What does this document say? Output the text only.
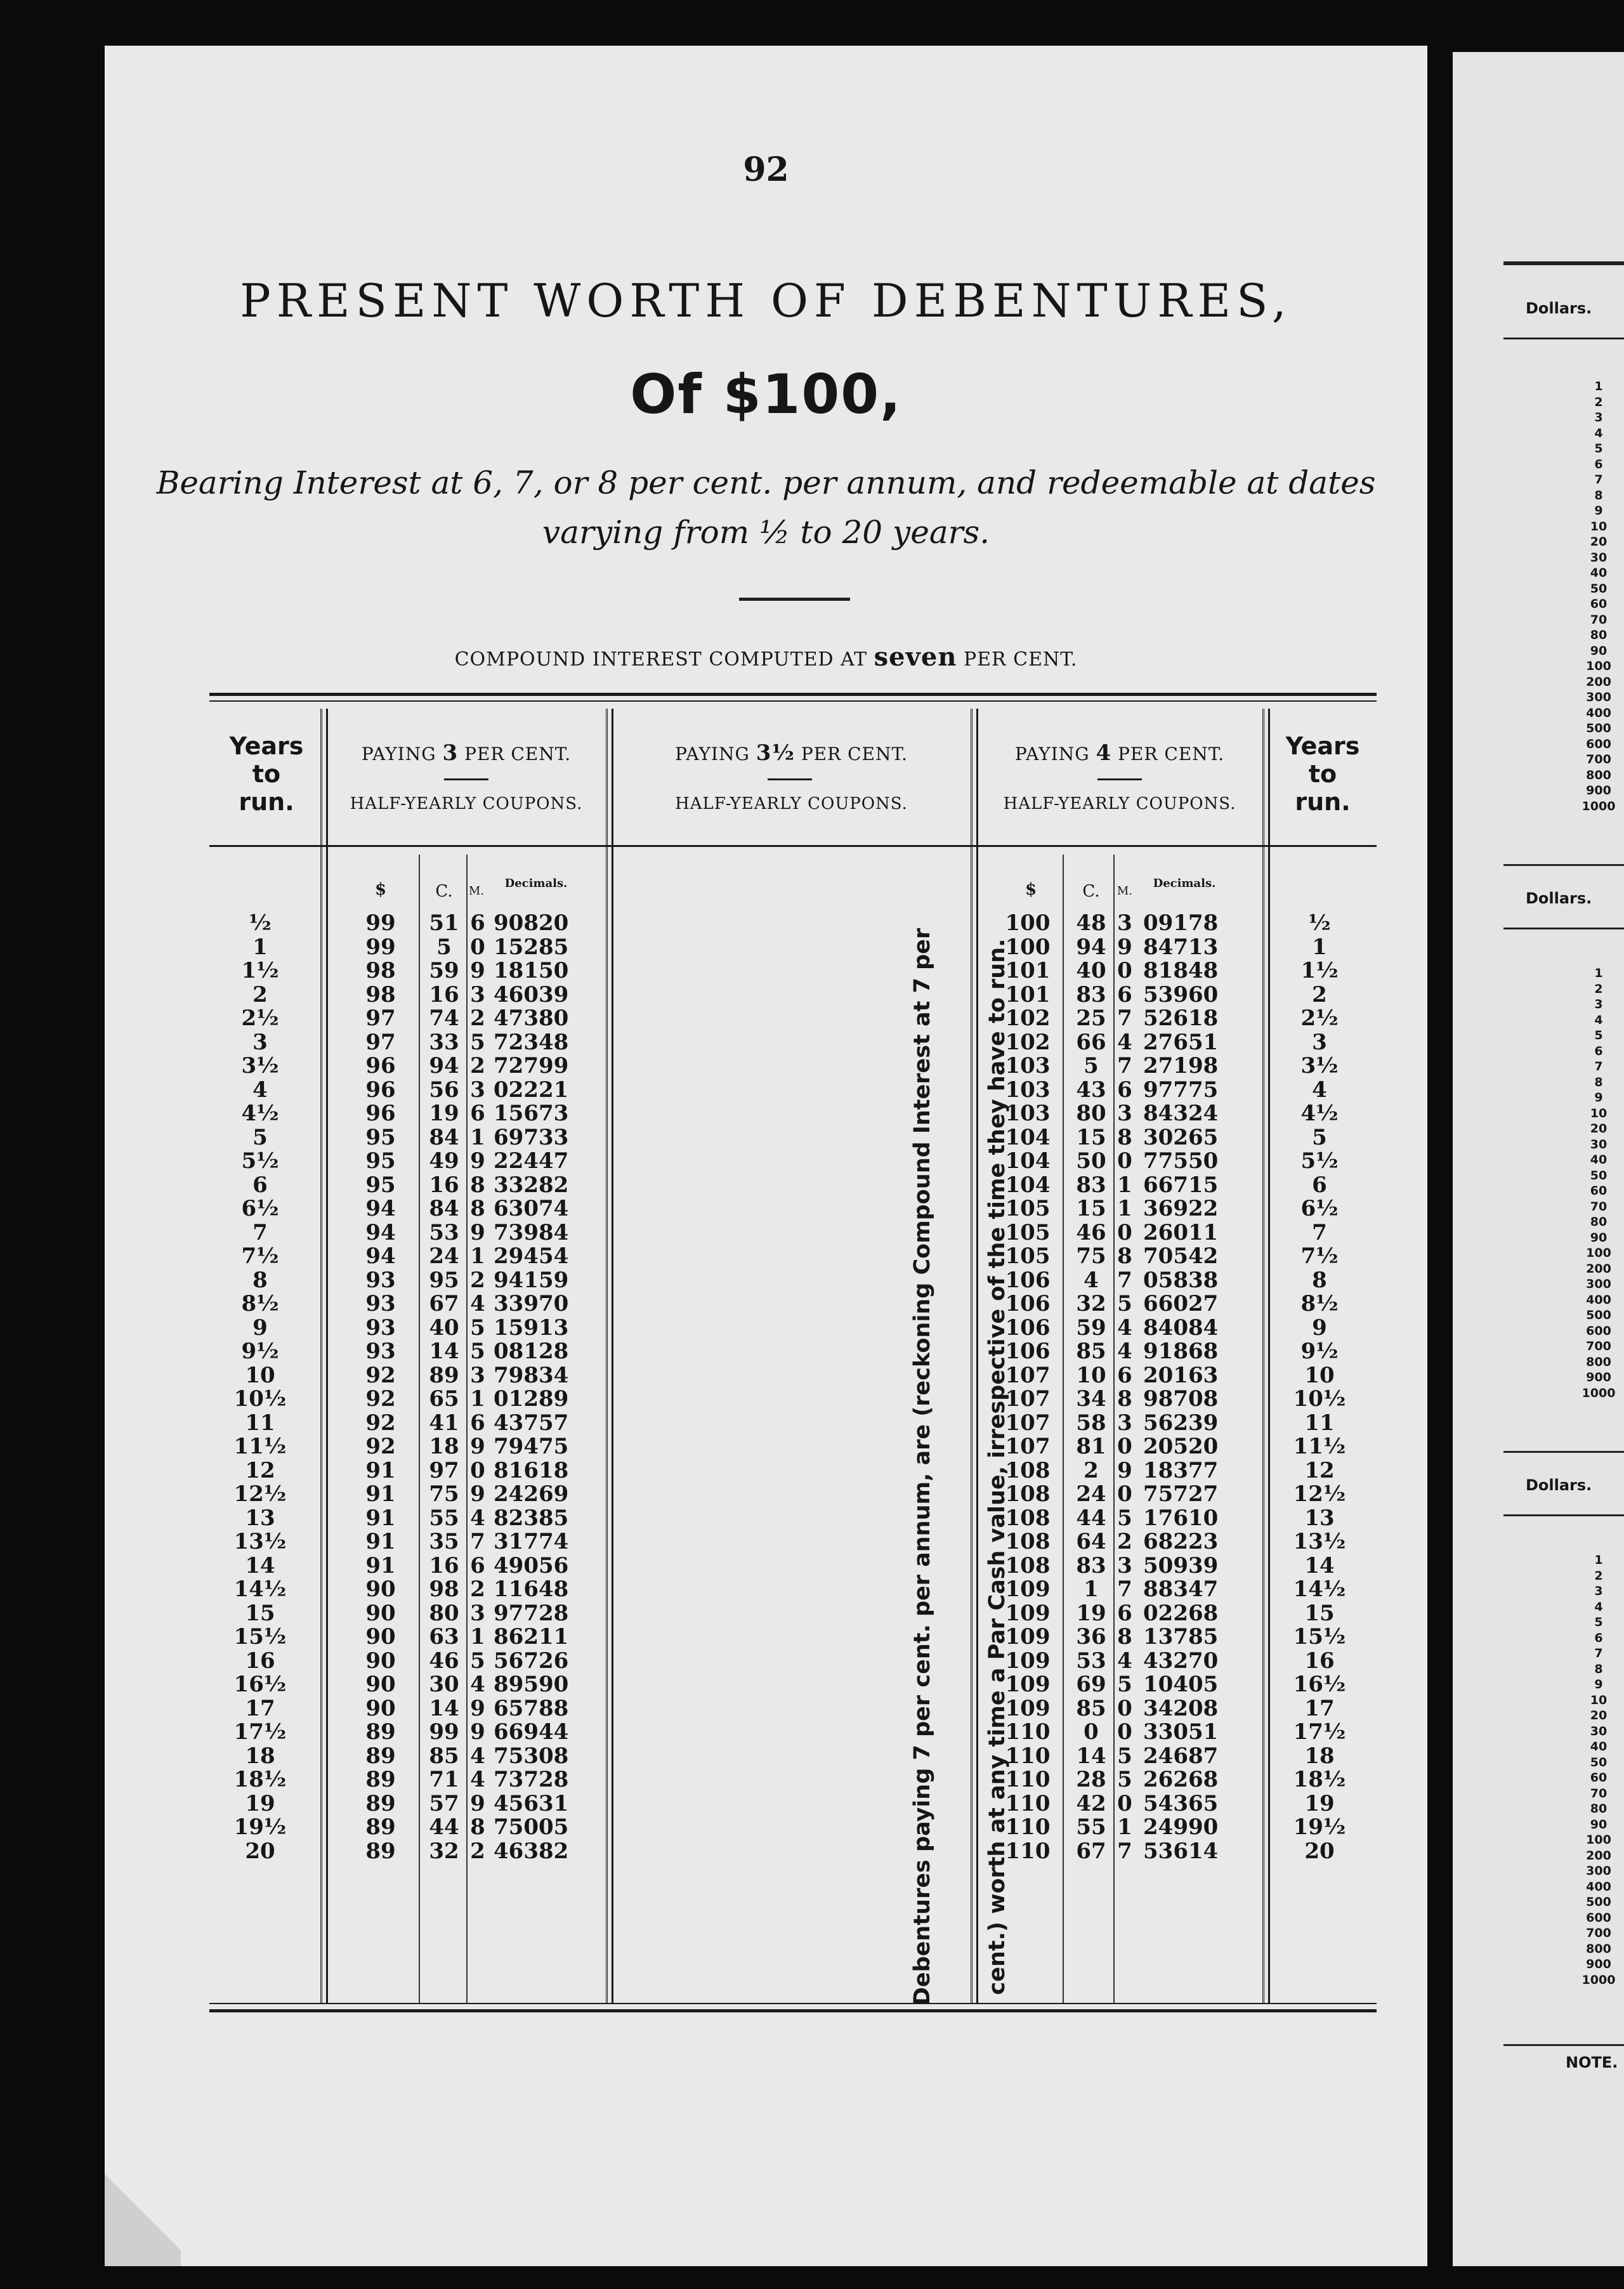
92
PRESENT WORTH OF DEBENTURES,
Of $100,
Bearing Interest at 6, 7, or 8 per cent. per annum, and redeemable at dates
varying from ½ to 20 years.
COMPOUND INTEREST COMPUTED AT seven PER CENT.
Years
to
run.
Years
to
run.
PAYING 3 PER CENT.
HALF-YEARLY COUPONS.
PAYING 3½ PER CENT.
HALF-YEARLY COUPONS.
PAYING 4 PER CENT.
HALF-YEARLY COUPONS.
$	C.	M.
Decimals.	$	C.	M.
Decimals.
½	99	51 6 90820	100	48 3 09178	½
1	99	5 0 15285	100	94 9 84713	1
1½	98	59 9 18150	101	40 0 81848	1½
2	98	16 3 46039	101	83 6 53960	2
2½	97	74 2 47380	102	25 7 52618	2½
3	97	33 5 72348	102	66 4 27651	3
3½	96	94 2 72799	103	5 7 27198	3½
4	96	56 3 02221	103	43 6 97775	4
4½	96	19 6 15673	103	80 3 84324	4½
5	95	84 1 69733	104	15 8 30265	5
5½	95	49 9 22447	104	50 0 77550	5½
6	95	16 8 33282	104	83 1 66715	6
6½	94	84 8 63074	105	15 1 36922	6½
7	94	53 9 73984	105	46 0 26011	7
7½	94	24 1 29454	105	75 8 70542	7½
8	93	95 2 94159	106	4 7 05838	8
8½	93	67 4 33970	106	32 5 66027	8½
9	93	40 5 15913	106	59 4 84084	9
9½	93	14 5 08128	106	85 4 91868	9½
10	92	89 3 79834	107	10 6 20163	10
10½	92	65 1 01289	107	34 8 98708	10½
11	92	41 6 43757	107	58 3 56239	11
11½	92	18 9 79475	107	81 0 20520	11½
12	91	97 0 81618	108	2 9 18377	12
12½	91	75 9 24269	108	24 0 75727	12½
13	91	55 4 82385	108	44 5 17610	13
13½	91	35 7 31774	108	64 2 68223	13½
14	91	16 6 49056	108	83 3 50939	14
14½	90	98 2 11648	109	1 7 88347	14½
15	90	80 3 97728	109	19 6 02268	15
15½	90	63 1 86211	109	36 8 13785	15½
16	90	46 5 56726	109	53 4 43270	16
16½	90	30 4 89590	109	69 5 10405	16½
17	90	14 9 65788	109	85 0 34208	17
17½	89	99 9 66944	110	0 0 33051	17½
18	89	85 4 75308	110	14 5 24687	18
18½	89	71 4 73728	110	28 5 26268	18½
19	89	57 9 45631	110	42 0 54365	19
19½	89	44 8 75005	110	55 1 24990	19½
20	89	32 2 46382	110	67 7 53614	20
Debentures paying 7 per cent. per annum, are (reckoning Compound Interest at 7 per	cent.) worth at any time a Par Cash value, irrespective of the time they have to run.
Dollars.
1
2
3
4
5
6
7
8
9
10
20
30
40
50
60
70
80
90
100
200
300
400
500
600
700
800
900
1000
Dollars.
1
2
3
4
5
6
7
8
9
10
20
30
40
50
60
70
80
90
100
200
300
400
500
600
700
800
900
1000
Dollars.
1
2
3
4
5
6
7
8
9
10
20
30
40
50
60
70
80
90
100
200
300
400
500
600
700
800
900
1000
NOTE.
